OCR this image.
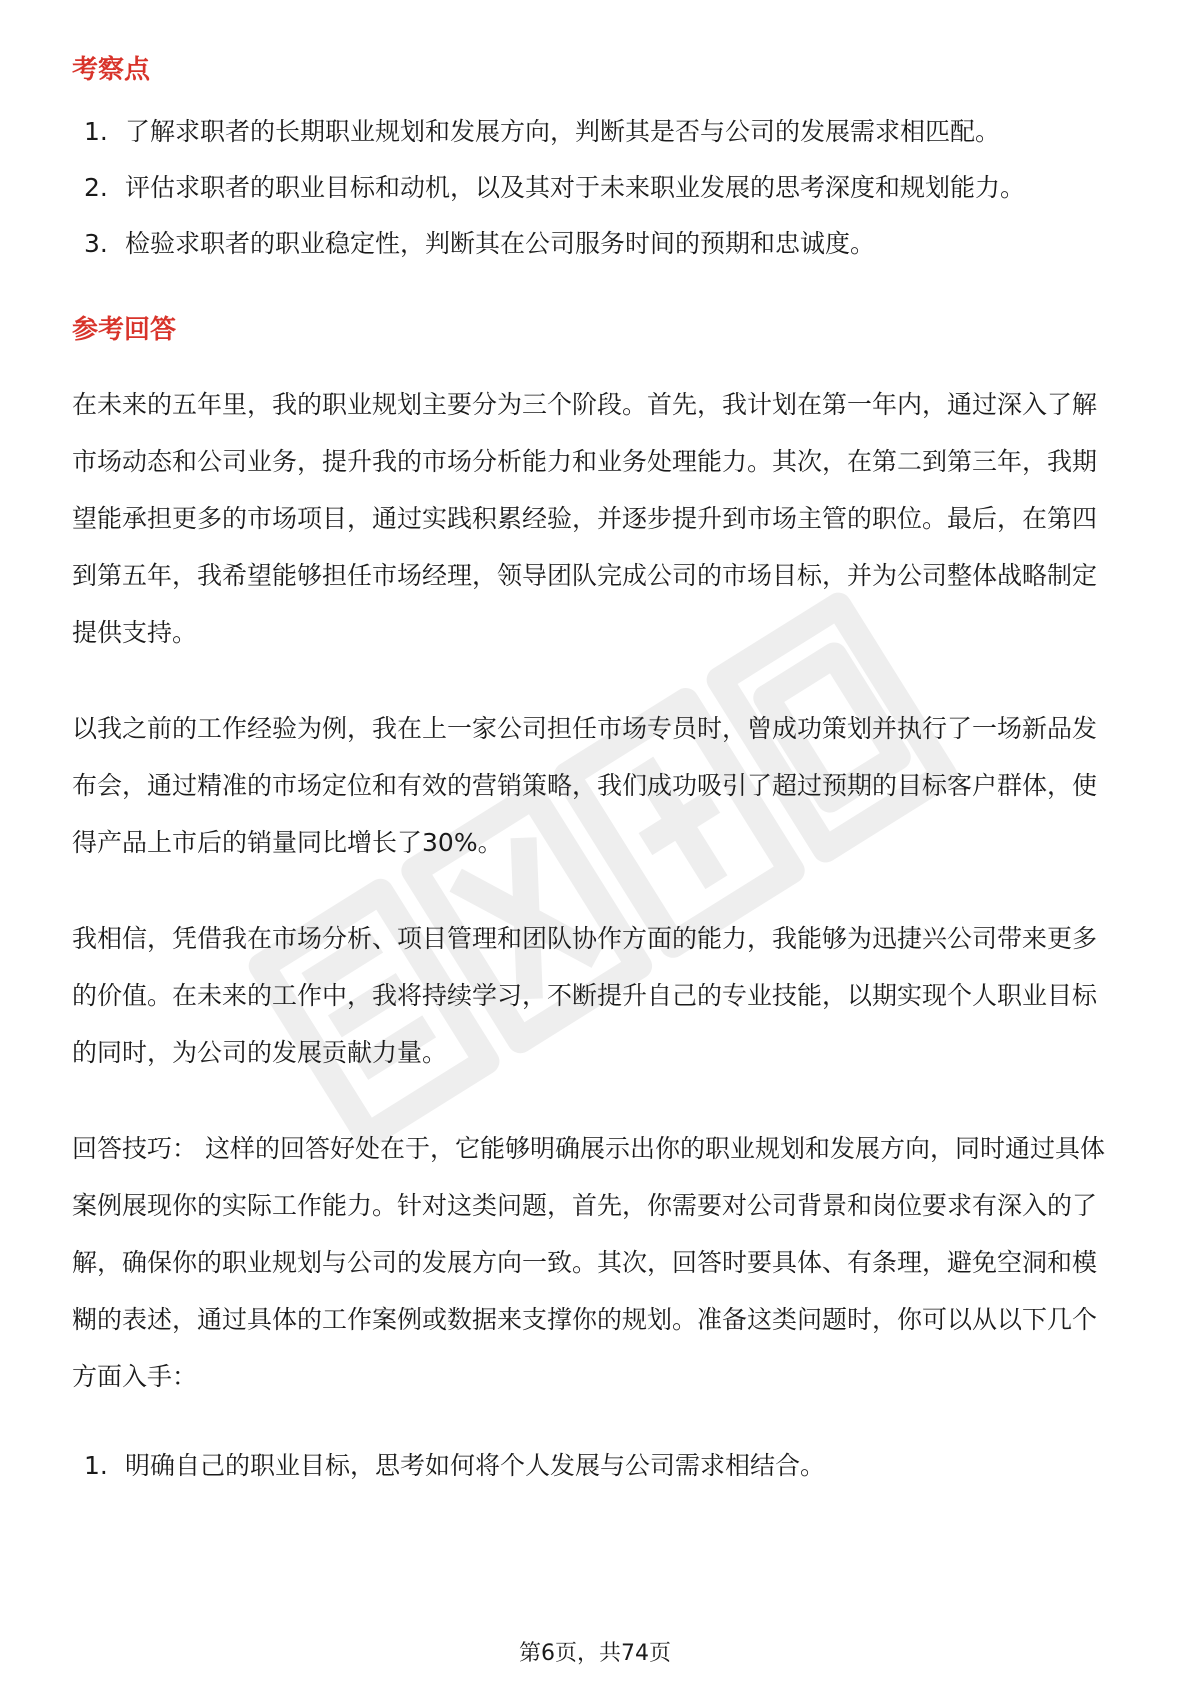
考察点
1. 了解求职者的长期职业规划和发展方向，判断其是否与公司的发展需求相匹配。
2. 评估求职者的职业目标和动机，以及其对于未来职业发展的思考深度和规划能力。
3. 检验求职者的职业稳定性，判断其在公司服务时间的预期和忠诚度。
参考回答

在未来的五年里，我的职业规划主要分为三个阶段。首先，我计划在第一年内，通过深入了解市场动态和公司业务，提升我的市场分析能力和业务处理能力。其次，在第二到第三年，我期望能承担更多的市场项目，通过实践积累经验，并逐步提升到市场主管的职位。最后，在第四到第五年，我希望能够担任市场经理，领导团队完成公司的市场目标，并为公司整体战略制定提供支持。

以我之前的工作经验为例，我在上一家公司担任市场专员时，曾成功策划并执行了一场新品发布会，通过精准的市场定位和有效的营销策略，我们成功吸引了超过预期的目标客户群体，使得产品上市后的销量同比增长了30%。

我相信，凭借我在市场分析、项目管理和团队协作方面的能力，我能够为迅捷兴公司带来更多的价值。在未来的工作中，我将持续学习，不断提升自己的专业技能，以期实现个人职业目标的同时，为公司的发展贡献力量。

回答技巧： 这样的回答好处在于，它能够明确展示出你的职业规划和发展方向，同时通过具体案例展现你的实际工作能力。针对这类问题，首先，你需要对公司背景和岗位要求有深入的了解，确保你的职业规划与公司的发展方向一致。其次，回答时要具体、有条理，避免空洞和模糊的表述，通过具体的工作案例或数据来支撑你的规划。准备这类问题时，你可以从以下几个方面入手：

1. 明确自己的职业目标，思考如何将个人发展与公司需求相结合。
第6页，共74页
